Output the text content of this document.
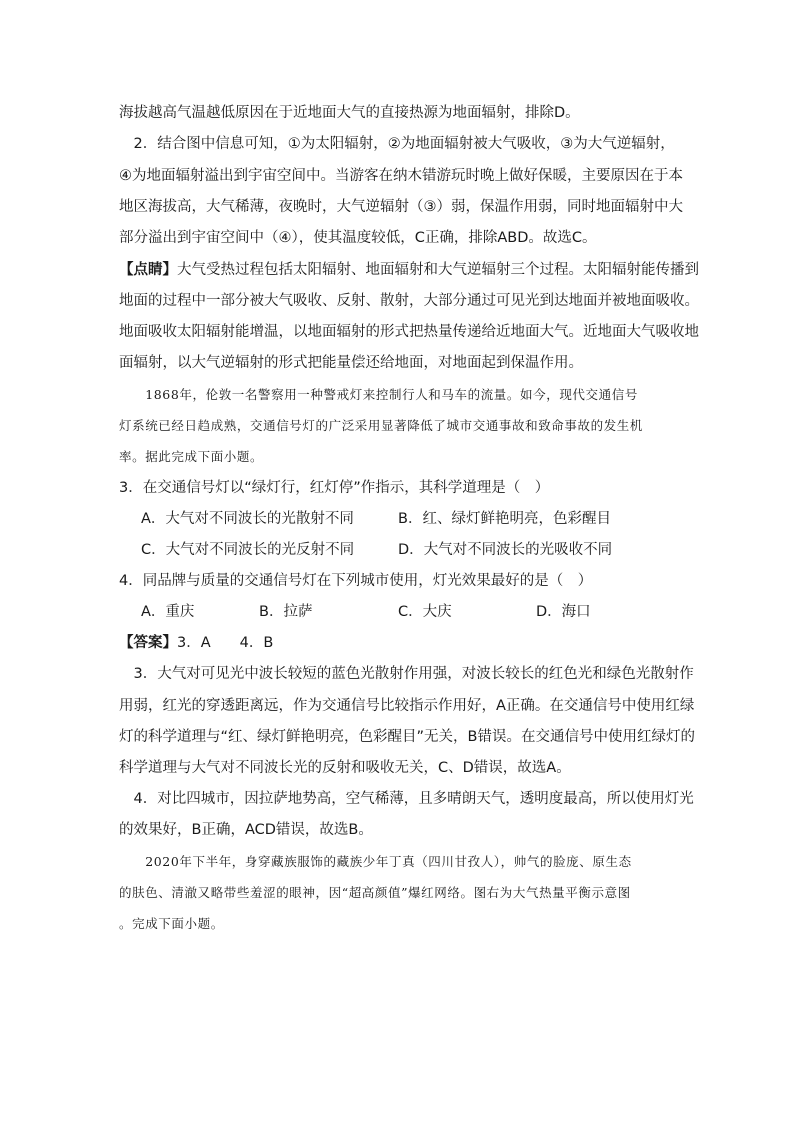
海拔越高气温越低原因在于近地面大气的直接热源为地面辐射，排除D。
　2．结合图中信息可知，①为太阳辐射，②为地面辐射被大气吸收，③为大气逆辐射，
④为地面辐射溢出到宇宙空间中。当游客在纳木错游玩时晚上做好保暖，主要原因在于本
地区海拔高，大气稀薄，夜晚时，大气逆辐射（③）弱，保温作用弱，同时地面辐射中大
部分溢出到宇宙空间中（④），使其温度较低，C正确，排除ABD。故选C。
【点睛】大气受热过程包括太阳辐射、地面辐射和大气逆辐射三个过程。太阳辐射能传播到
地面的过程中一部分被大气吸收、反射、散射，大部分通过可见光到达地面并被地面吸收。
地面吸收太阳辐射能增温，以地面辐射的形式把热量传递给近地面大气。近地面大气吸收地
面辐射，以大气逆辐射的形式把能量偿还给地面，对地面起到保温作用。
　　1868年，伦敦一名警察用一种警戒灯来控制行人和马车的流量。如今，现代交通信号
灯系统已经日趋成熟，交通信号灯的广泛采用显著降低了城市交通事故和致命事故的发生机
率。据此完成下面小题。
3．在交通信号灯以“绿灯行，红灯停”作指示，其科学道理是（　）
A．大气对不同波长的光散射不同	B．红、绿灯鲜艳明亮，色彩醒目
C．大气对不同波长的光反射不同	D．大气对不同波长的光吸收不同
4．同品牌与质量的交通信号灯在下列城市使用，灯光效果最好的是（　）
A．重庆	B．拉萨	C．大庆	D．海口
【答案】3．A　　4．B
　3．大气对可见光中波长较短的蓝色光散射作用强，对波长较长的红色光和绿色光散射作
用弱，红光的穿透距离远，作为交通信号比较指示作用好，A正确。在交通信号中使用红绿
灯的科学道理与“红、绿灯鲜艳明亮，色彩醒目”无关，B错误。在交通信号中使用红绿灯的
科学道理与大气对不同波长光的反射和吸收无关，C、D错误，故选A。
　4．对比四城市，因拉萨地势高，空气稀薄，且多晴朗天气，透明度最高，所以使用灯光
的效果好，B正确，ACD错误，故选B。
　　2020年下半年，身穿藏族服饰的藏族少年丁真（四川甘孜人），帅气的脸庞、原生态
的肤色、清澈又略带些羞涩的眼神，因“超高颜值”爆红网络。图右为大气热量平衡示意图
。完成下面小题。
